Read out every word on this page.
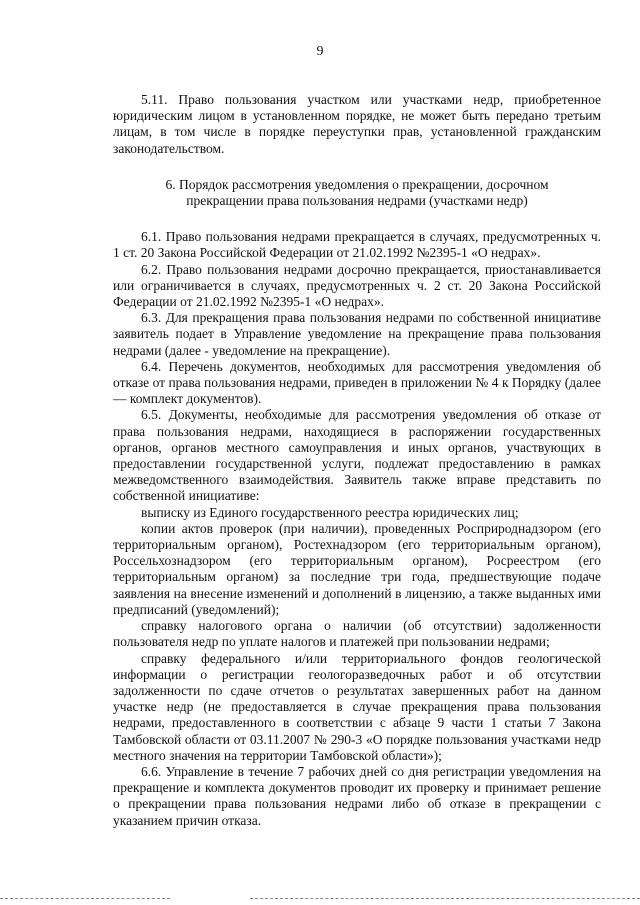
9

5.11. Право пользования участком или участками недр, приобретенное юридическим лицом в установленном порядке, не может быть передано третьим лицам, в том числе в порядке переуступки прав, установленной гражданским законодательством.

6. Порядок рассмотрения уведомления о прекращении, досрочном прекращении права пользования недрами (участками недр)

6.1. Право пользования недрами прекращается в случаях, предусмотренных ч. 1 ст. 20 Закона Российской Федерации от 21.02.1992 №2395-1 «О недрах».

6.2. Право пользования недрами досрочно прекращается, приостанавливается или ограничивается в случаях, предусмотренных ч. 2 ст. 20 Закона Российской Федерации от 21.02.1992 №2395-1 «О недрах».

6.3. Для прекращения права пользования недрами по собственной инициативе заявитель подает в Управление уведомление на прекращение права пользования недрами (далее - уведомление на прекращение).

6.4. Перечень документов, необходимых для рассмотрения уведомления об отказе от права пользования недрами, приведен в приложении № 4 к Порядку (далее — комплект документов).

6.5. Документы, необходимые для рассмотрения уведомления об отказе от права пользования недрами, находящиеся в распоряжении государственных органов, органов местного самоуправления и иных органов, участвующих в предоставлении государственной услуги, подлежат предоставлению в рамках межведомственного взаимодействия. Заявитель также вправе представить по собственной инициативе:

выписку из Единого государственного реестра юридических лиц;

копии актов проверок (при наличии), проведенных Росприроднадзором (его территориальным органом), Ростехнадзором (его территориальным органом), Россельхознадзором (его территориальным органом), Росреестром (его территориальным органом) за последние три года, предшествующие подаче заявления на внесение изменений и дополнений в лицензию, а также выданных ими предписаний (уведомлений);

справку налогового органа о наличии (об отсутствии) задолженности пользователя недр по уплате налогов и платежей при пользовании недрами;

справку федерального и/или территориального фондов геологической информации о регистрации геологоразведочных работ и об отсутствии задолженности по сдаче отчетов о результатах завершенных работ на данном участке недр (не предоставляется в случае прекращения права пользования недрами, предоставленного в соответствии с абзаце 9 части 1 статьи 7 Закона Тамбовской области от 03.11.2007 № 290-3 «О порядке пользования участками недр местного значения на территории Тамбовской области»);

6.6. Управление в течение 7 рабочих дней со дня регистрации уведомления на прекращение и комплекта документов проводит их проверку и принимает решение о прекращении права пользования недрами либо об отказе в прекращении с указанием причин отказа.
